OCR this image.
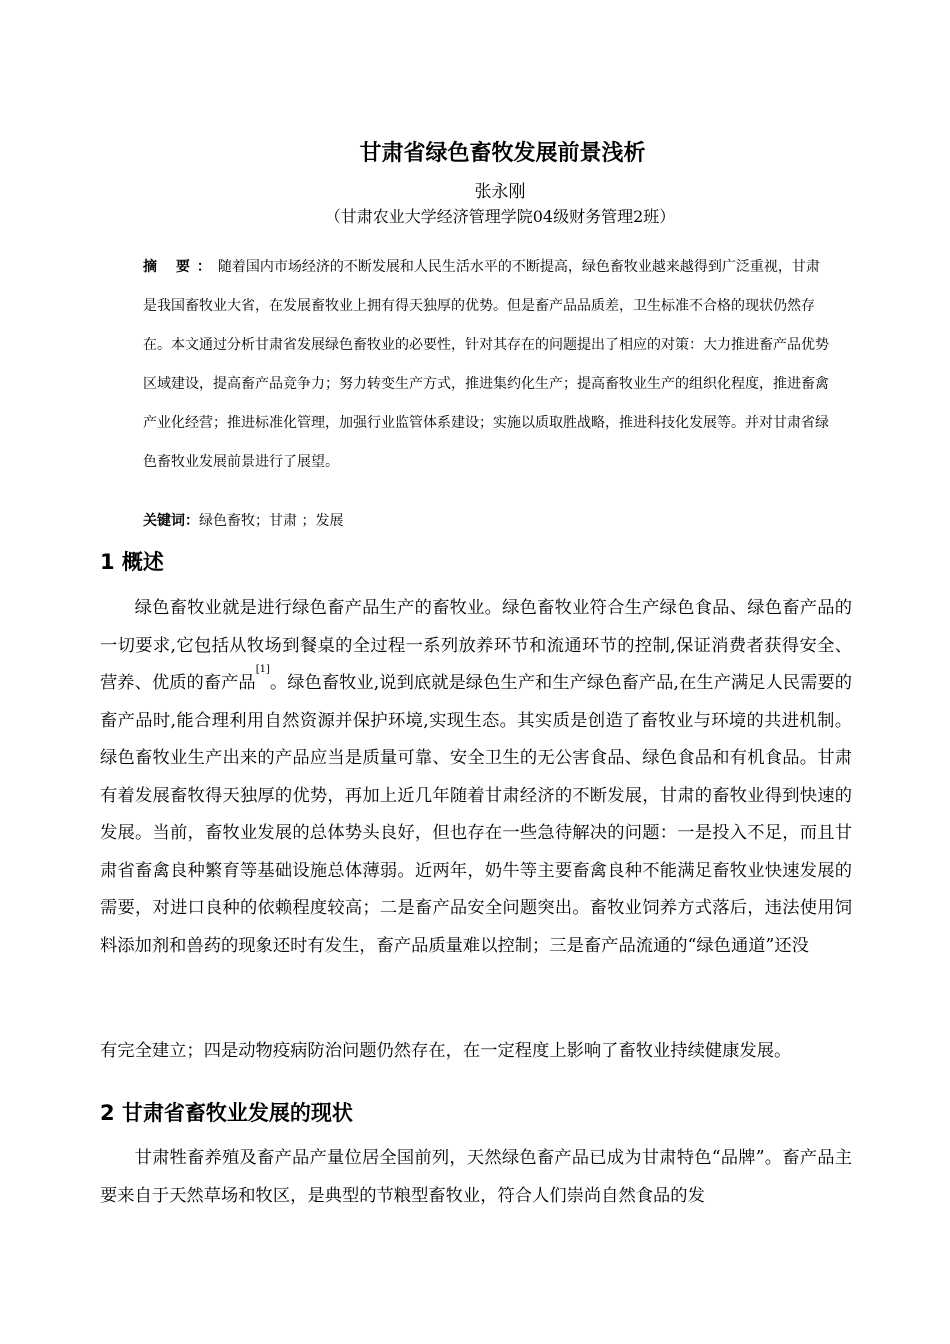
甘肃省绿色畜牧发展前景浅析
张永刚
（甘肃农业大学经济管理学院04级财务管理2班）

摘 要：随着国内市场经济的不断发展和人民生活水平的不断提高，绿色畜牧业越来越得到广泛重视，甘肃是我国畜牧业大省，在发展畜牧业上拥有得天独厚的优势。但是畜产品品质差，卫生标准不合格的现状仍然存在。本文通过分析甘肃省发展绿色畜牧业的必要性，针对其存在的问题提出了相应的对策：大力推进畜产品优势区域建设，提高畜产品竞争力；努力转变生产方式，推进集约化生产；提高畜牧业生产的组织化程度，推进畜禽产业化经营；推进标准化管理，加强行业监管体系建设；实施以质取胜战略，推进科技化发展等。并对甘肃省绿色畜牧业发展前景进行了展望。

关键词：绿色畜牧；甘肃 ；发展
1 概述

绿色畜牧业就是进行绿色畜产品生产的畜牧业。绿色畜牧业符合生产绿色食品、绿色畜产品的一切要求,它包括从牧场到餐桌的全过程一系列放养环节和流通环节的控制,保证消费者获得安全、营养、优质的畜产品[1]。绿色畜牧业,说到底就是绿色生产和生产绿色畜产品,在生产满足人民需要的畜产品时,能合理利用自然资源并保护环境,实现生态。其实质是创造了畜牧业与环境的共进机制。绿色畜牧业生产出来的产品应当是质量可靠、安全卫生的无公害食品、绿色食品和有机食品。甘肃有着发展畜牧得天独厚的优势，再加上近几年随着甘肃经济的不断发展，甘肃的畜牧业得到快速的发展。当前，畜牧业发展的总体势头良好，但也存在一些急待解决的问题：一是投入不足，而且甘肃省畜禽良种繁育等基础设施总体薄弱。近两年，奶牛等主要畜禽良种不能满足畜牧业快速发展的需要，对进口良种的依赖程度较高；二是畜产品安全问题突出。畜牧业饲养方式落后，违法使用饲料添加剂和兽药的现象还时有发生，畜产品质量难以控制；三是畜产品流通的“绿色通道”还没

有完全建立；四是动物疫病防治问题仍然存在，在一定程度上影响了畜牧业持续健康发展。
2 甘肃省畜牧业发展的现状

甘肃牲畜养殖及畜产品产量位居全国前列，天然绿色畜产品已成为甘肃特色“品牌”。畜产品主要来自于天然草场和牧区，是典型的节粮型畜牧业，符合人们崇尚自然食品的发
